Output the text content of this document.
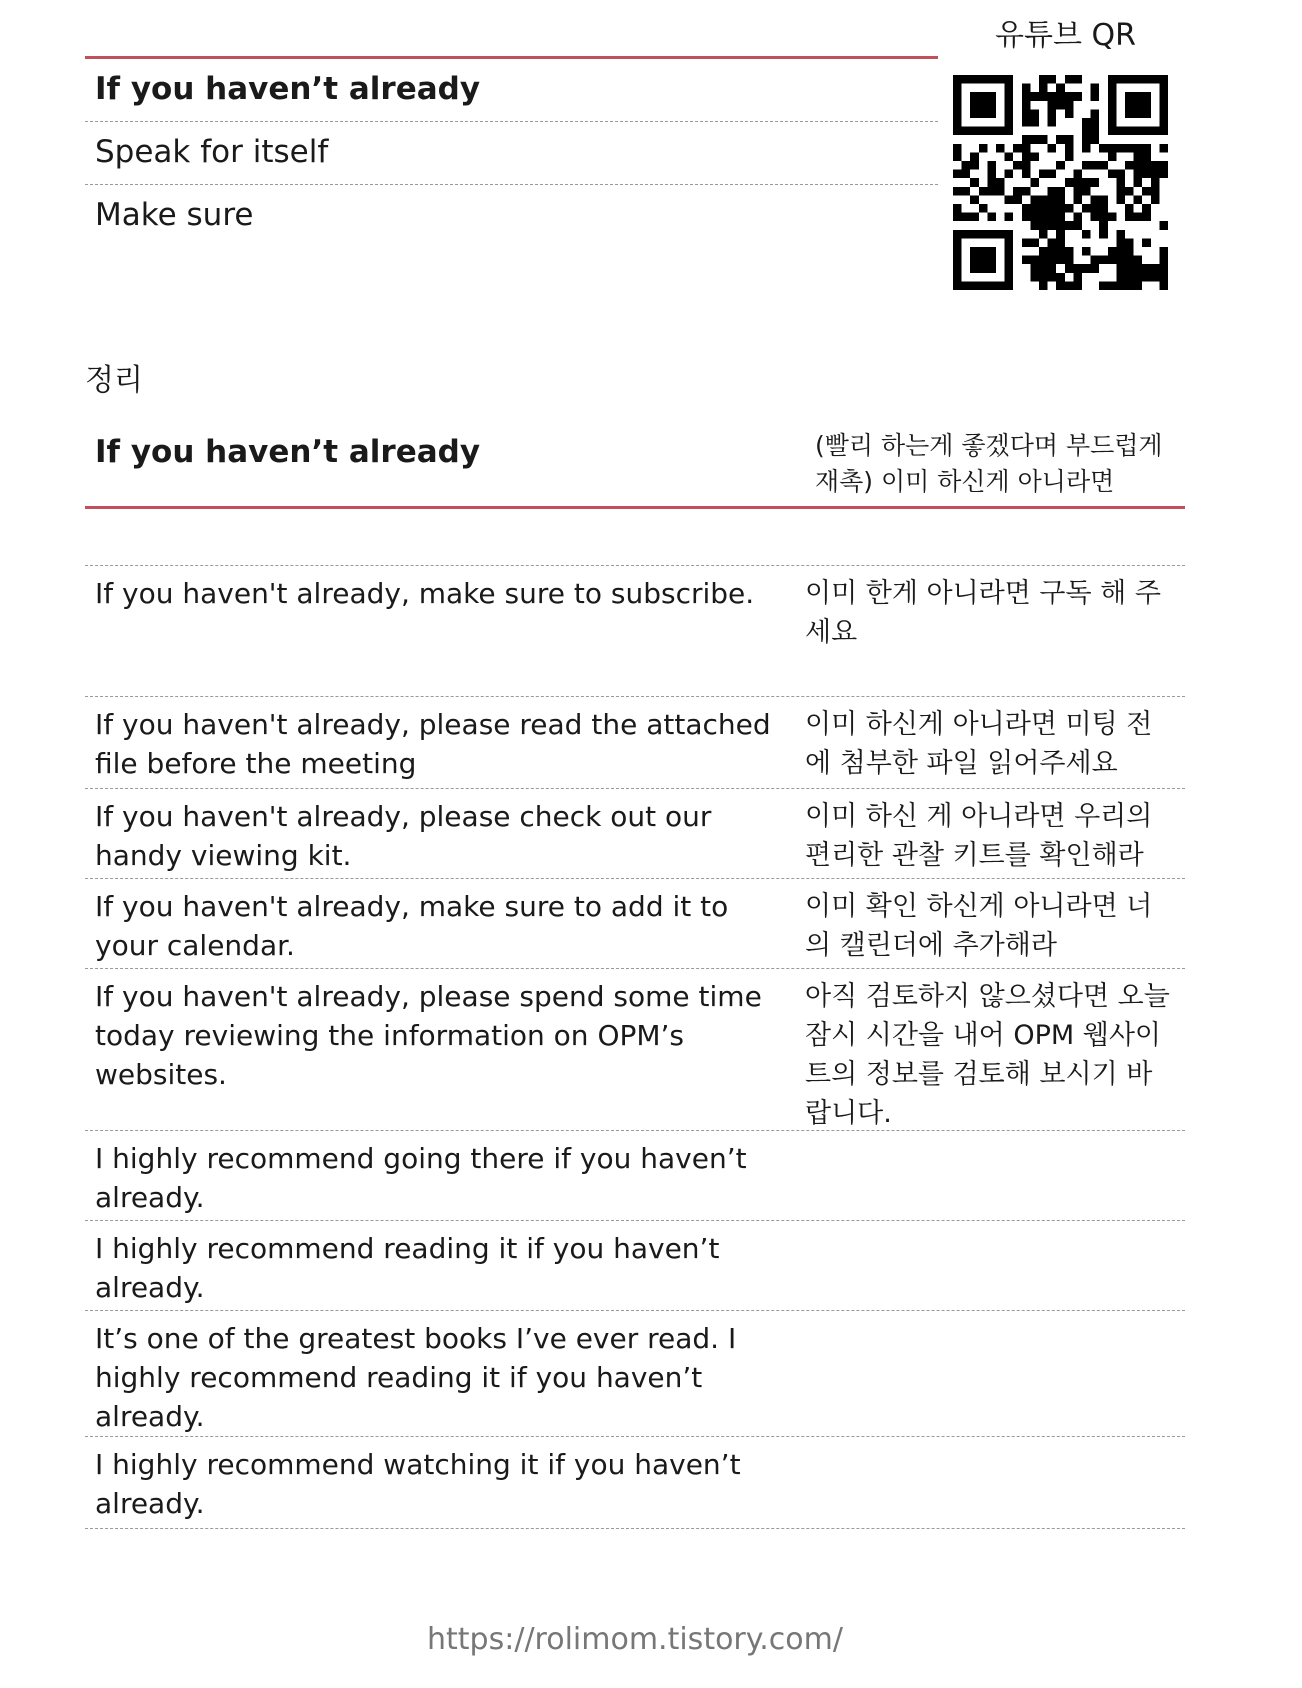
유튜브 QR
If you haven’t already
Speak for itself
Make sure
정리
If you haven’t already	(빨리 하는게 좋겠다며 부드럽게 재촉) 이미 하신게 아니라면
If you haven't already, make sure to subscribe.	이미 한게 아니라면 구독 해 주세요
If you haven't already, please read the attached file before the meeting
이미 하신게 아니라면 미팅 전에 첨부한 파일 읽어주세요
If you haven't already, please check out our handy viewing kit.
이미 하신 게 아니라면 우리의 편리한 관찰 키트를 확인해라
If you haven't already, make sure to add it to your calendar.
이미 확인 하신게 아니라면 너의 캘린더에 추가해라
If you haven't already, please spend some time today reviewing the information on OPM’s websites.
아직 검토하지 않으셨다면 오늘 잠시 시간을 내어 OPM 웹사이트의 정보를 검토해 보시기 바랍니다.
I highly recommend going there if you haven’t already.
I highly recommend reading it if you haven’t already.
It’s one of the greatest books I’ve ever read. I highly recommend reading it if you haven’t already.
I highly recommend watching it if you haven’t already.
https://rolimom.tistory.com/
